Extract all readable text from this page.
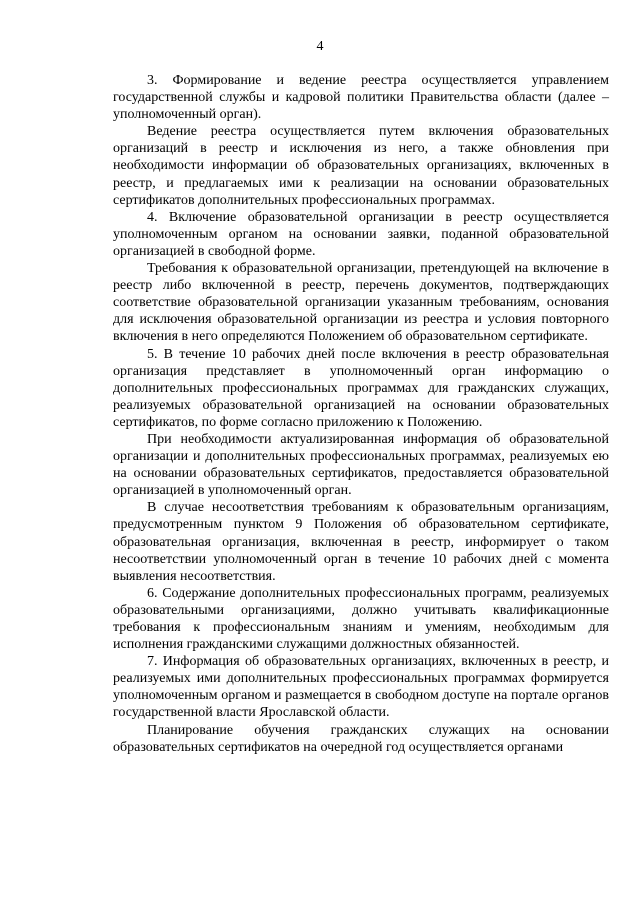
4

3. Формирование и ведение реестра осуществляется управлением государственной службы и кадровой политики Правительства области (далее – уполномоченный орган).

Ведение реестра осуществляется путем включения образовательных организаций в реестр и исключения из него, а также обновления при необходимости информации об образовательных организациях, включенных в реестр, и предлагаемых ими к реализации на основании образовательных сертификатов дополнительных профессиональных программах.

4. Включение образовательной организации в реестр осуществляется уполномоченным органом на основании заявки, поданной образовательной организацией в свободной форме.

Требования к образовательной организации, претендующей на включение в реестр либо включенной в реестр, перечень документов, подтверждающих соответствие образовательной организации указанным требованиям, основания для исключения образовательной организации из реестра и условия повторного включения в него определяются Положением об образовательном сертификате.

5. В течение 10 рабочих дней после включения в реестр образовательная организация представляет в уполномоченный орган информацию о дополнительных профессиональных программах для гражданских служащих, реализуемых образовательной организацией на основании образовательных сертификатов, по форме согласно приложению к Положению.

При необходимости актуализированная информация об образовательной организации и дополнительных профессиональных программах, реализуемых ею на основании образовательных сертификатов, предоставляется образовательной организацией в уполномоченный орган.

В случае несоответствия требованиям к образовательным организациям, предусмотренным пунктом 9 Положения об образовательном сертификате, образовательная организация, включенная в реестр, информирует о таком несоответствии уполномоченный орган в течение 10 рабочих дней с момента выявления несоответствия.

6. Содержание дополнительных профессиональных программ, реализуемых образовательными организациями, должно учитывать квалификационные требования к профессиональным знаниям и умениям, необходимым для исполнения гражданскими служащими должностных обязанностей.

7. Информация об образовательных организациях, включенных в реестр, и реализуемых ими дополнительных профессиональных программах формируется уполномоченным органом и размещается в свободном доступе на портале органов государственной власти Ярославской области.

Планирование обучения гражданских служащих на основании образовательных сертификатов на очередной год осуществляется органами
